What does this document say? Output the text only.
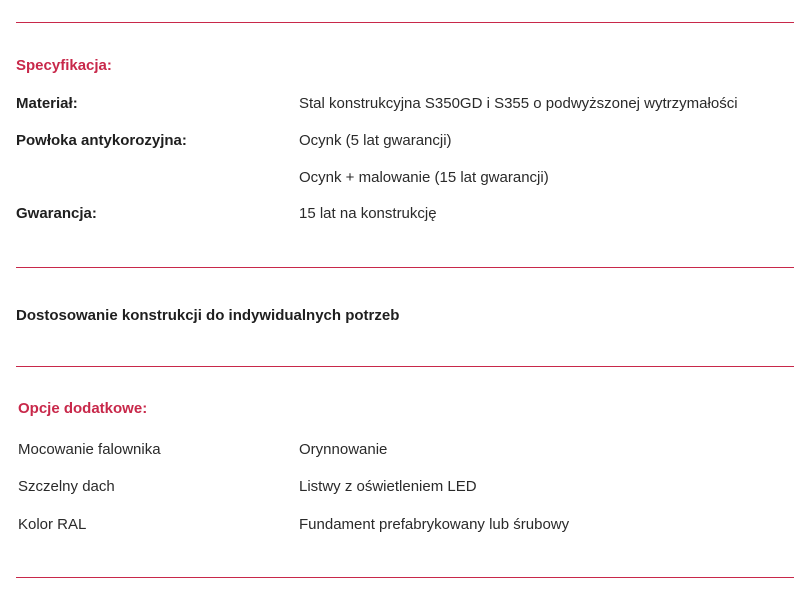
Specyfikacja:
Materiał:	Stal konstrukcyjna S350GD i S355 o podwyższonej wytrzymałości
Powłoka antykorozyjna:	Ocynk (5 lat gwarancji)
Ocynk + malowanie (15 lat gwarancji)
Gwarancja:	15 lat na konstrukcję
Dostosowanie konstrukcji do indywidualnych potrzeb
Opcje dodatkowe:
Mocowanie falownika	Orynnowanie
Szczelny dach	Listwy z oświetleniem LED
Kolor RAL	Fundament prefabrykowany lub śrubowy
